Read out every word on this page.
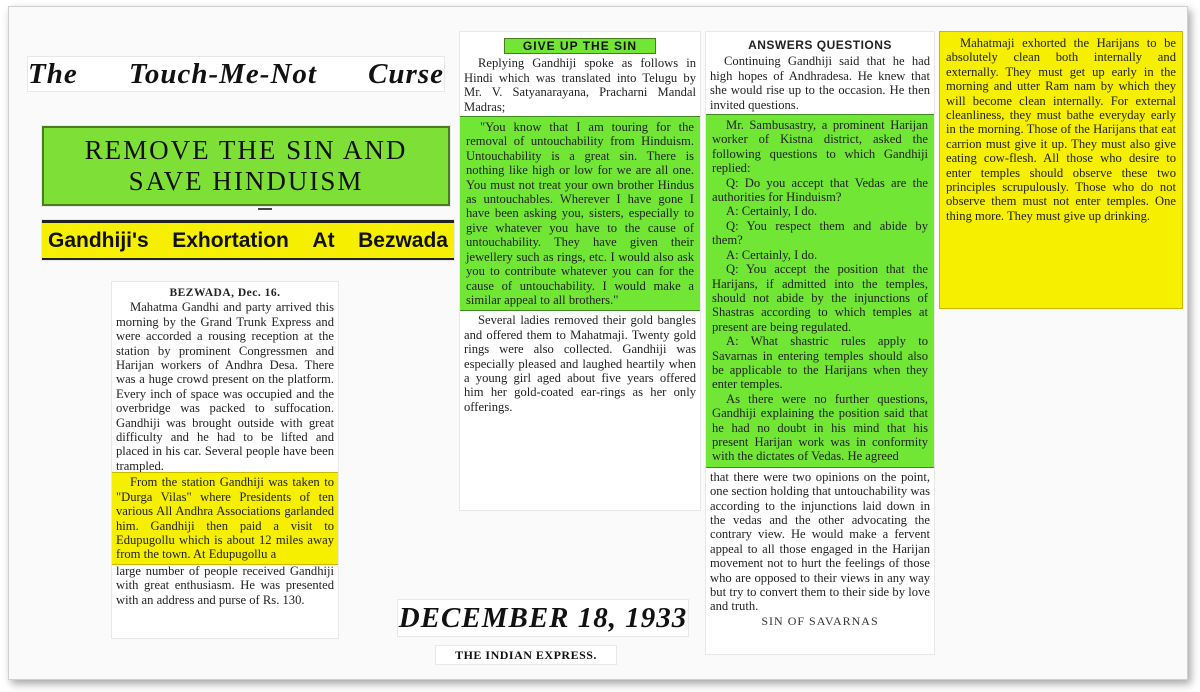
The Touch-Me-Not Curse
REMOVE THE SIN AND
SAVE HINDUISM
Gandhiji's Exhortation At Bezwada

BEZWADA, Dec. 16.

Mahatma Gandhi and party arrived this morning by the Grand Trunk Express and were accorded a rousing reception at the station by prominent Congressmen and Harijan workers of Andhra Desa. There was a huge crowd present on the platform. Every inch of space was occupied and the overbridge was packed to suffocation. Gandhiji was brought outside with great difficulty and he had to be lifted and placed in his car. Several people have been trampled.

From the station Gandhiji was taken to "Durga Vilas" where Presidents of ten various All Andhra Associations garlanded him. Gandhiji then paid a visit to Edupugollu which is about 12 miles away from the town. At Edupugollu a

large number of people received Gandhiji with great enthusiasm. He was presented with an address and purse of Rs. 130.

GIVE UP THE SIN

Replying Gandhiji spoke as follows in Hindi which was translated into Telugu by Mr. V. Satyanarayana, Pracharni Mandal Madras;

"You know that I am touring for the removal of untouchability from Hinduism. Untouchability is a great sin. There is nothing like high or low for we are all one. You must not treat your own brother Hindus as untouchables. Wherever I have gone I have been asking you, sisters, especially to give whatever you have to the cause of untouchability. They have given their jewellery such as rings, etc. I would also ask you to contribute whatever you can for the cause of untouchability. I would make a similar appeal to all brothers."

Several ladies removed their gold bangles and offered them to Mahatmaji. Twenty gold rings were also collected. Gandhiji was especially pleased and laughed heartily when a young girl aged about five years offered him her gold-coated ear-rings as her only offerings.

ANSWERS QUESTIONS

Continuing Gandhiji said that he had high hopes of Andhradesa. He knew that she would rise up to the occasion. He then invited questions.

Mr. Sambusastry, a prominent Harijan worker of Kistna district, asked the following questions to which Gandhiji replied:

Q: Do you accept that Vedas are the authorities for Hinduism?

A: Certainly, I do.

Q: You respect them and abide by them?

A: Certainly, I do.

Q: You accept the position that the Harijans, if admitted into the temples, should not abide by the injunctions of Shastras according to which temples at present are being regulated.

A: What shastric rules apply to Savarnas in entering temples should also be applicable to the Harijans when they enter temples.

As there were no further questions, Gandhiji explaining the position said that he had no doubt in his mind that his present Harijan work was in conformity with the dictates of Vedas. He agreed

that there were two opinions on the point, one section holding that untouchability was according to the injunctions laid down in the vedas and the other advocating the contrary view. He would make a fervent appeal to all those engaged in the Harijan movement not to hurt the feelings of those who are opposed to their views in any way but try to convert them to their side by love and truth.

SIN OF SAVARNAS

Mahatmaji exhorted the Harijans to be absolutely clean both internally and externally. They must get up early in the morning and utter Ram nam by which they will become clean internally. For external cleanliness, they must bathe everyday early in the morning. Those of the Harijans that eat carrion must give it up. They must also give eating cow-flesh. All those who desire to enter temples should observe these two principles scrupulously. Those who do not observe them must not enter temples. One thing more. They must give up drinking.

DECEMBER 18, 1933
THE INDIAN EXPRESS.
